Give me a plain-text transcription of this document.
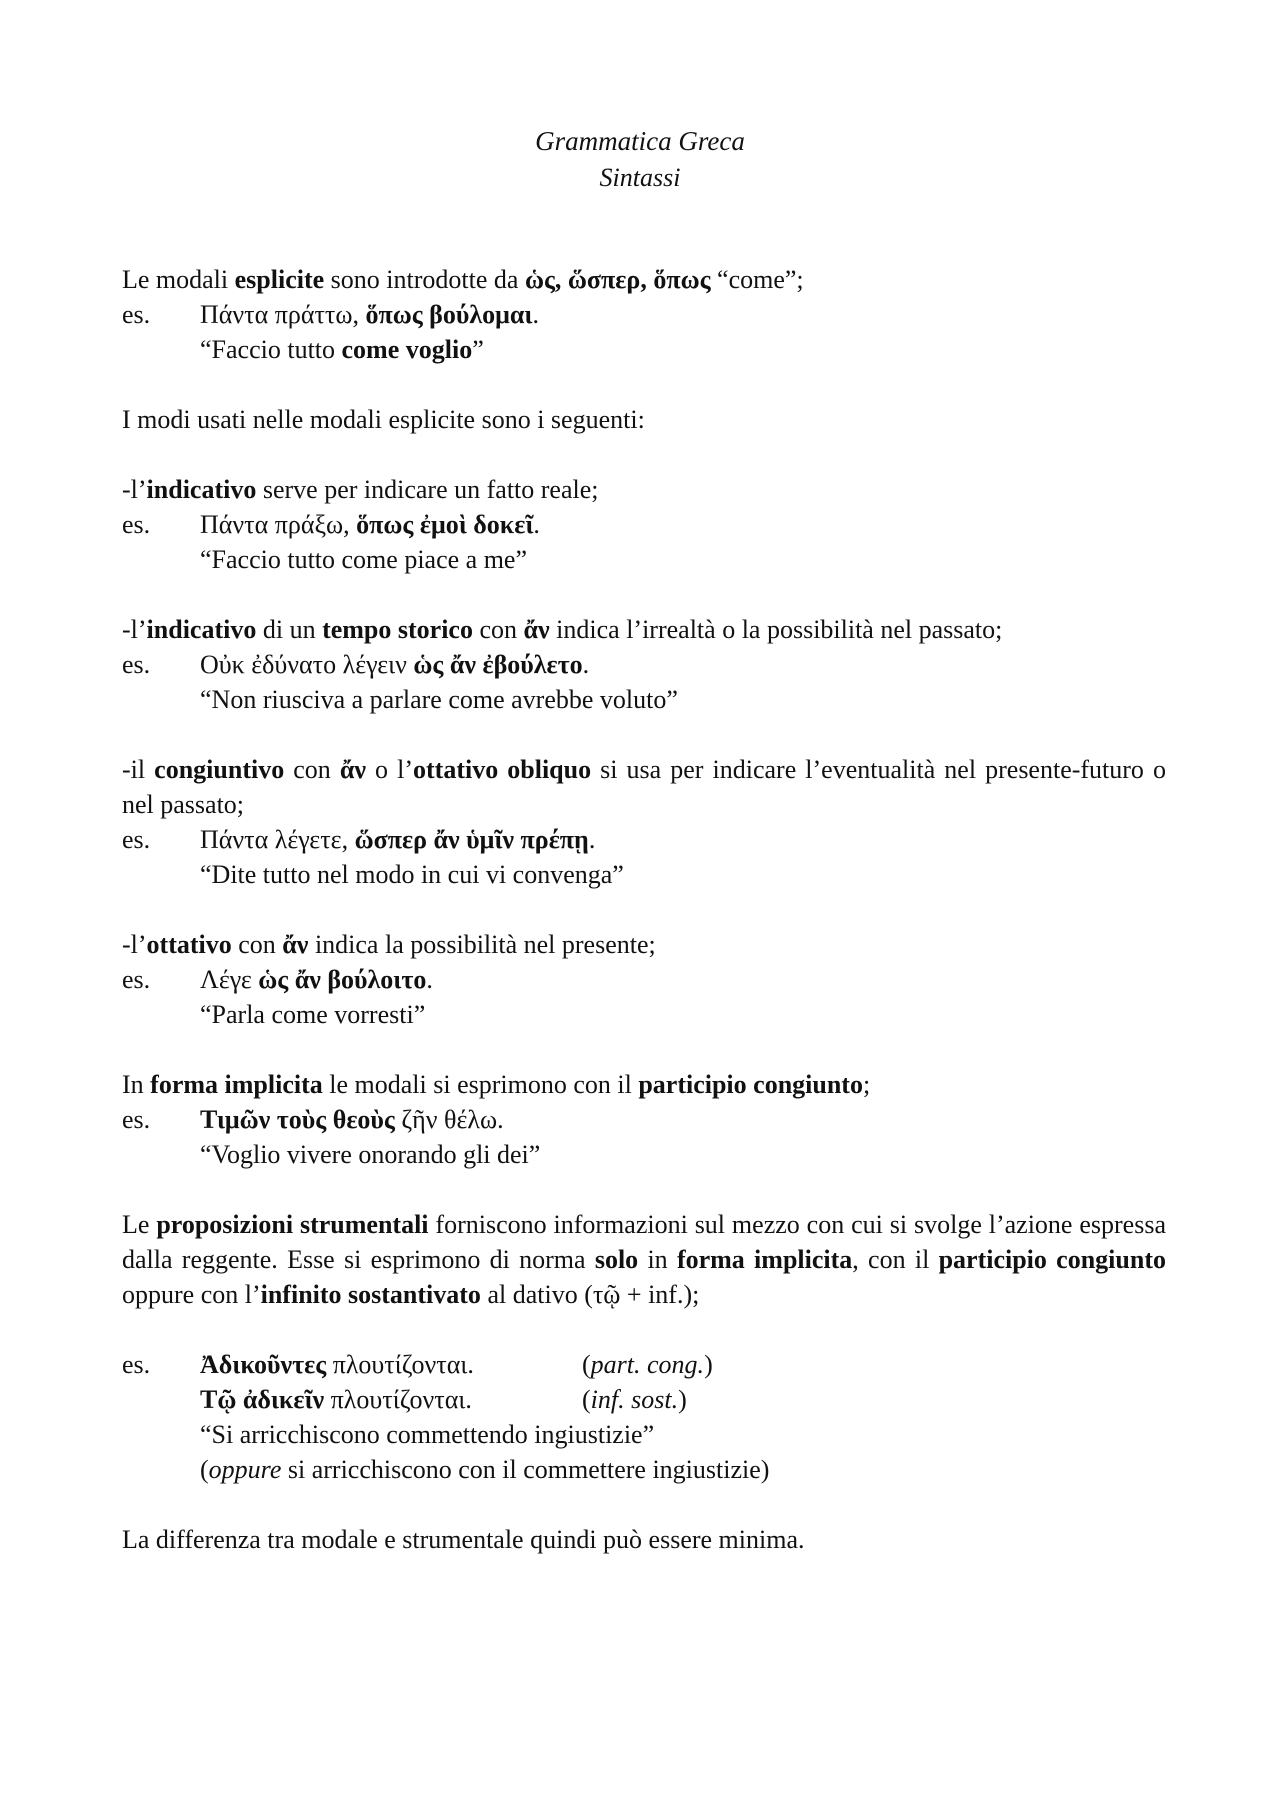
Grammatica Greca
Sintassi

Le modali esplicite sono introdotte da ὡς, ὥσπερ, ὅπως “come”;

es.	Πάντα πράττω, ὅπως βούλομαι.

“Faccio tutto come voglio”

I modi usati nelle modali esplicite sono i seguenti:

-l’indicativo serve per indicare un fatto reale;

es.	Πάντα πράξω, ὅπως ἐμοὶ δοκεῖ.

“Faccio tutto come piace a me”

-l’indicativo di un tempo storico con ἄν indica l’irrealtà o la possibilità nel passato;

es.	Οὐκ ἐδύνατο λέγειν ὡς ἄν ἐβούλετο.

“Non riusciva a parlare come avrebbe voluto”

-il congiuntivo con ἄν o l’ottativo obliquo si usa per indicare l’eventualità nel presente-futuro o nel passato;

es.	Πάντα λέγετε, ὥσπερ ἄν ὑμῖν πρέπῃ.

“Dite tutto nel modo in cui vi convenga”

-l’ottativo con ἄν indica la possibilità nel presente;

es.	Λέγε ὡς ἄν βούλοιτο.

“Parla come vorresti”

In forma implicita le modali si esprimono con il participio congiunto;

es.	Τιμῶν τοὺς θεοὺς ζῆν θέλω.

“Voglio vivere onorando gli dei”

Le proposizioni strumentali forniscono informazioni sul mezzo con cui si svolge l’azione espressa dalla reggente. Esse si esprimono di norma solo in forma implicita, con il participio congiunto oppure con l’infinito sostantivato al dativo (τῷ + inf.);

es.	Ἀδικοῦντες πλουτίζονται.	(part. cong.)

Τῷ ἀδικεῖν πλουτίζονται.	(inf. sost.)

“Si arricchiscono commettendo ingiustizie”

(oppure si arricchiscono con il commettere ingiustizie)

La differenza tra modale e strumentale quindi può essere minima.
